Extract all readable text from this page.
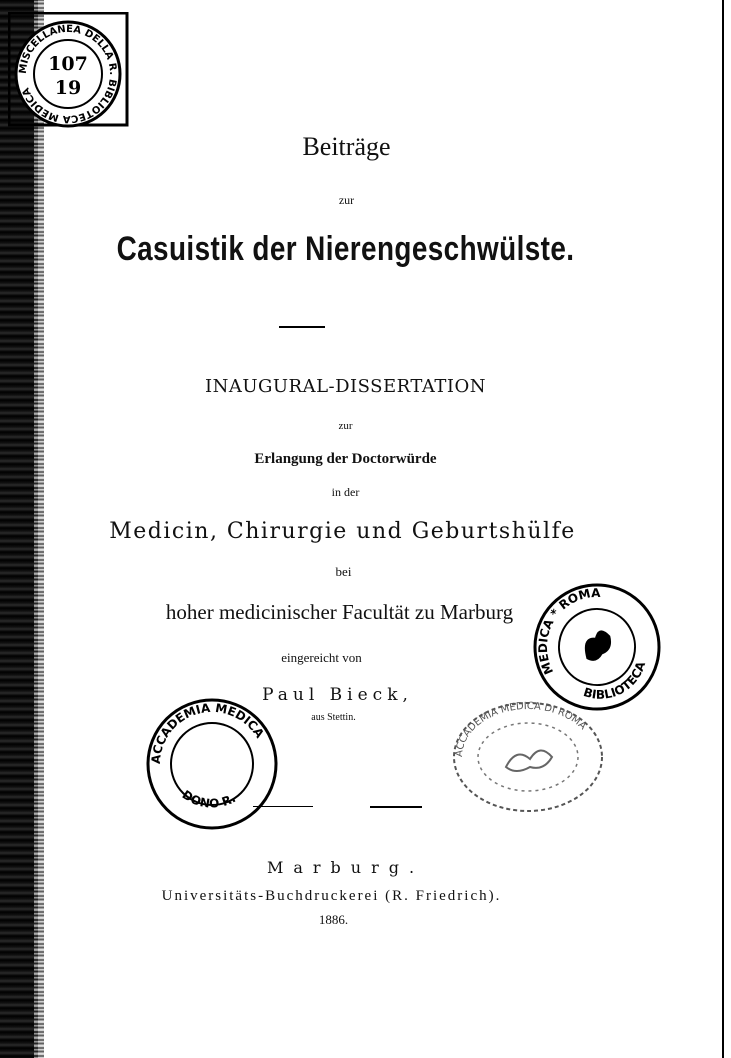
MISCELLANEA DELLA R. BIBLIOTECA MEDICA
107
19
Beiträge
zur
Casuistik der Nierengeschwülste.
INAUGURAL-DISSERTATION
zur
Erlangung der Doctorwürde
in der
Medicin, Chirurgie und Geburtshülfe
bei
hoher medicinischer Facultät zu Marburg
eingereicht von
Paul Bieck,
aus Stettin.
ACCADEMIA MEDICA
DONO R.
ACCADEMIA MEDICA DI ROMA
MEDICA * ROMA
BIBLIOTECA
Marburg.
Universitäts-Buchdruckerei (R. Friedrich).
1886.
